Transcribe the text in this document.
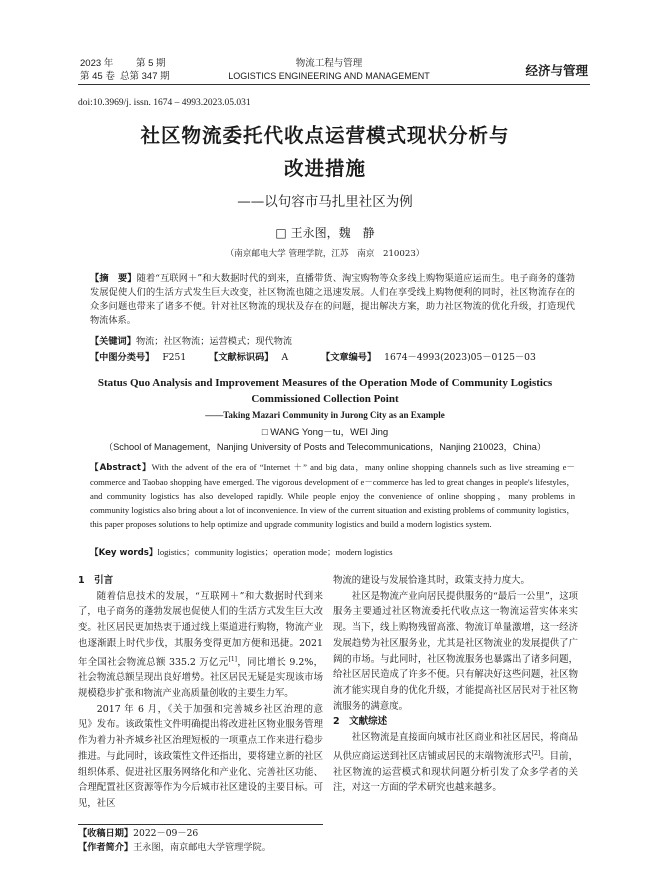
2023 年 第 5 期
第 45 卷 总第 347 期
物流工程与管理
LOGISTICS ENGINEERING AND MANAGEMENT	经济与管理
doi:10.3969/j. issn. 1674 – 4993.2023.05.031
社区物流委托代收点运营模式现状分析与
改进措施
——以句容市马扎里社区为例
□ 王永图，魏　静
（南京邮电大学 管理学院，江苏　南京　210023）
【摘　要】随着“互联网＋”和大数据时代的到来，直播带货、淘宝购物等众多线上购物渠道应运而生。电子商务的蓬勃发展促使人们的生活方式发生巨大改变，社区物流也随之迅速发展。人们在享受线上购物便利的同时，社区物流存在的众多问题也带来了诸多不便。针对社区物流的现状及存在的问题，提出解决方案，助力社区物流的优化升级，打造现代物流体系。
【关键词】物流；社区物流；运营模式；现代物流
【中图分类号】 F251 【文献标识码】 A	【文章编号】 1674－4993(2023)05－0125－03
Status Quo Analysis and Improvement Measures of the Operation Mode of Community Logistics
Commissioned Collection Point
——Taking Mazari Community in Jurong City as an Example
□ WANG Yong－tu，WEI Jing
（School of Management，Nanjing University of Posts and Telecommunications，Nanjing 210023，China）
【Abstract】With the advent of the era of “Internet ＋” and big data，many online shopping channels such as live streaming e－commerce and Taobao shopping have emerged. The vigorous development of e－commerce has led to great changes in people's lifestyles，and community logistics has also developed rapidly. While people enjoy the convenience of online shopping，many problems in community logistics also bring about a lot of inconvenience. In view of the current situation and existing problems of community logistics，this paper proposes solutions to help optimize and upgrade community logistics and build a modern logistics system.
【Key words】logistics；community logistics；operation mode；modern logistics

1　引言

随着信息技术的发展，“互联网＋”和大数据时代到来了，电子商务的蓬勃发展也促使人们的生活方式发生巨大改变。社区居民更加热衷于通过线上渠道进行购物，物流产业也逐渐跟上时代步伐，其服务变得更加方便和迅捷。2021 年全国社会物流总额 335.2 万亿元[1]，同比增长 9.2%，社会物流总额呈现出良好增势。社区居民无疑是实现该市场规模稳步扩张和物流产业高质量创收的主要生力军。

2017 年 6 月，《关于加强和完善城乡社区治理的意见》发布。该政策性文件明确提出将改进社区物业服务管理作为着力补齐城乡社区治理短板的一项重点工作来进行稳步推进。与此同时，该政策性文件还指出，要将建立新的社区组织体系、促进社区服务网络化和产业化、完善社区功能、合理配置社区资源等作为今后城市社区建设的主要目标。可见，社区

物流的建设与发展恰逢其时，政策支持力度大。

社区是物流产业向居民提供服务的“最后一公里”，这项服务主要通过社区物流委托代收点这一物流运营实体来实现。当下，线上购物残留高涨、物流订单量激增，这一经济发展趋势为社区服务业，尤其是社区物流业的发展提供了广阔的市场。与此同时，社区物流服务也暴露出了诸多问题，给社区居民造成了许多不便。只有解决好这些问题，社区物流才能实现自身的优化升级，才能提高社区居民对于社区物流服务的满意度。

2　文献综述

社区物流是直接面向城市社区商业和社区居民，将商品从供应商运送到社区店铺或居民的末端物流形式[2]。目前，社区物流的运营模式和现状问题分析引发了众多学者的关注，对这一方面的学术研究也越来越多。

【收稿日期】2022－09－26
【作者简介】王永图，南京邮电大学管理学院。
